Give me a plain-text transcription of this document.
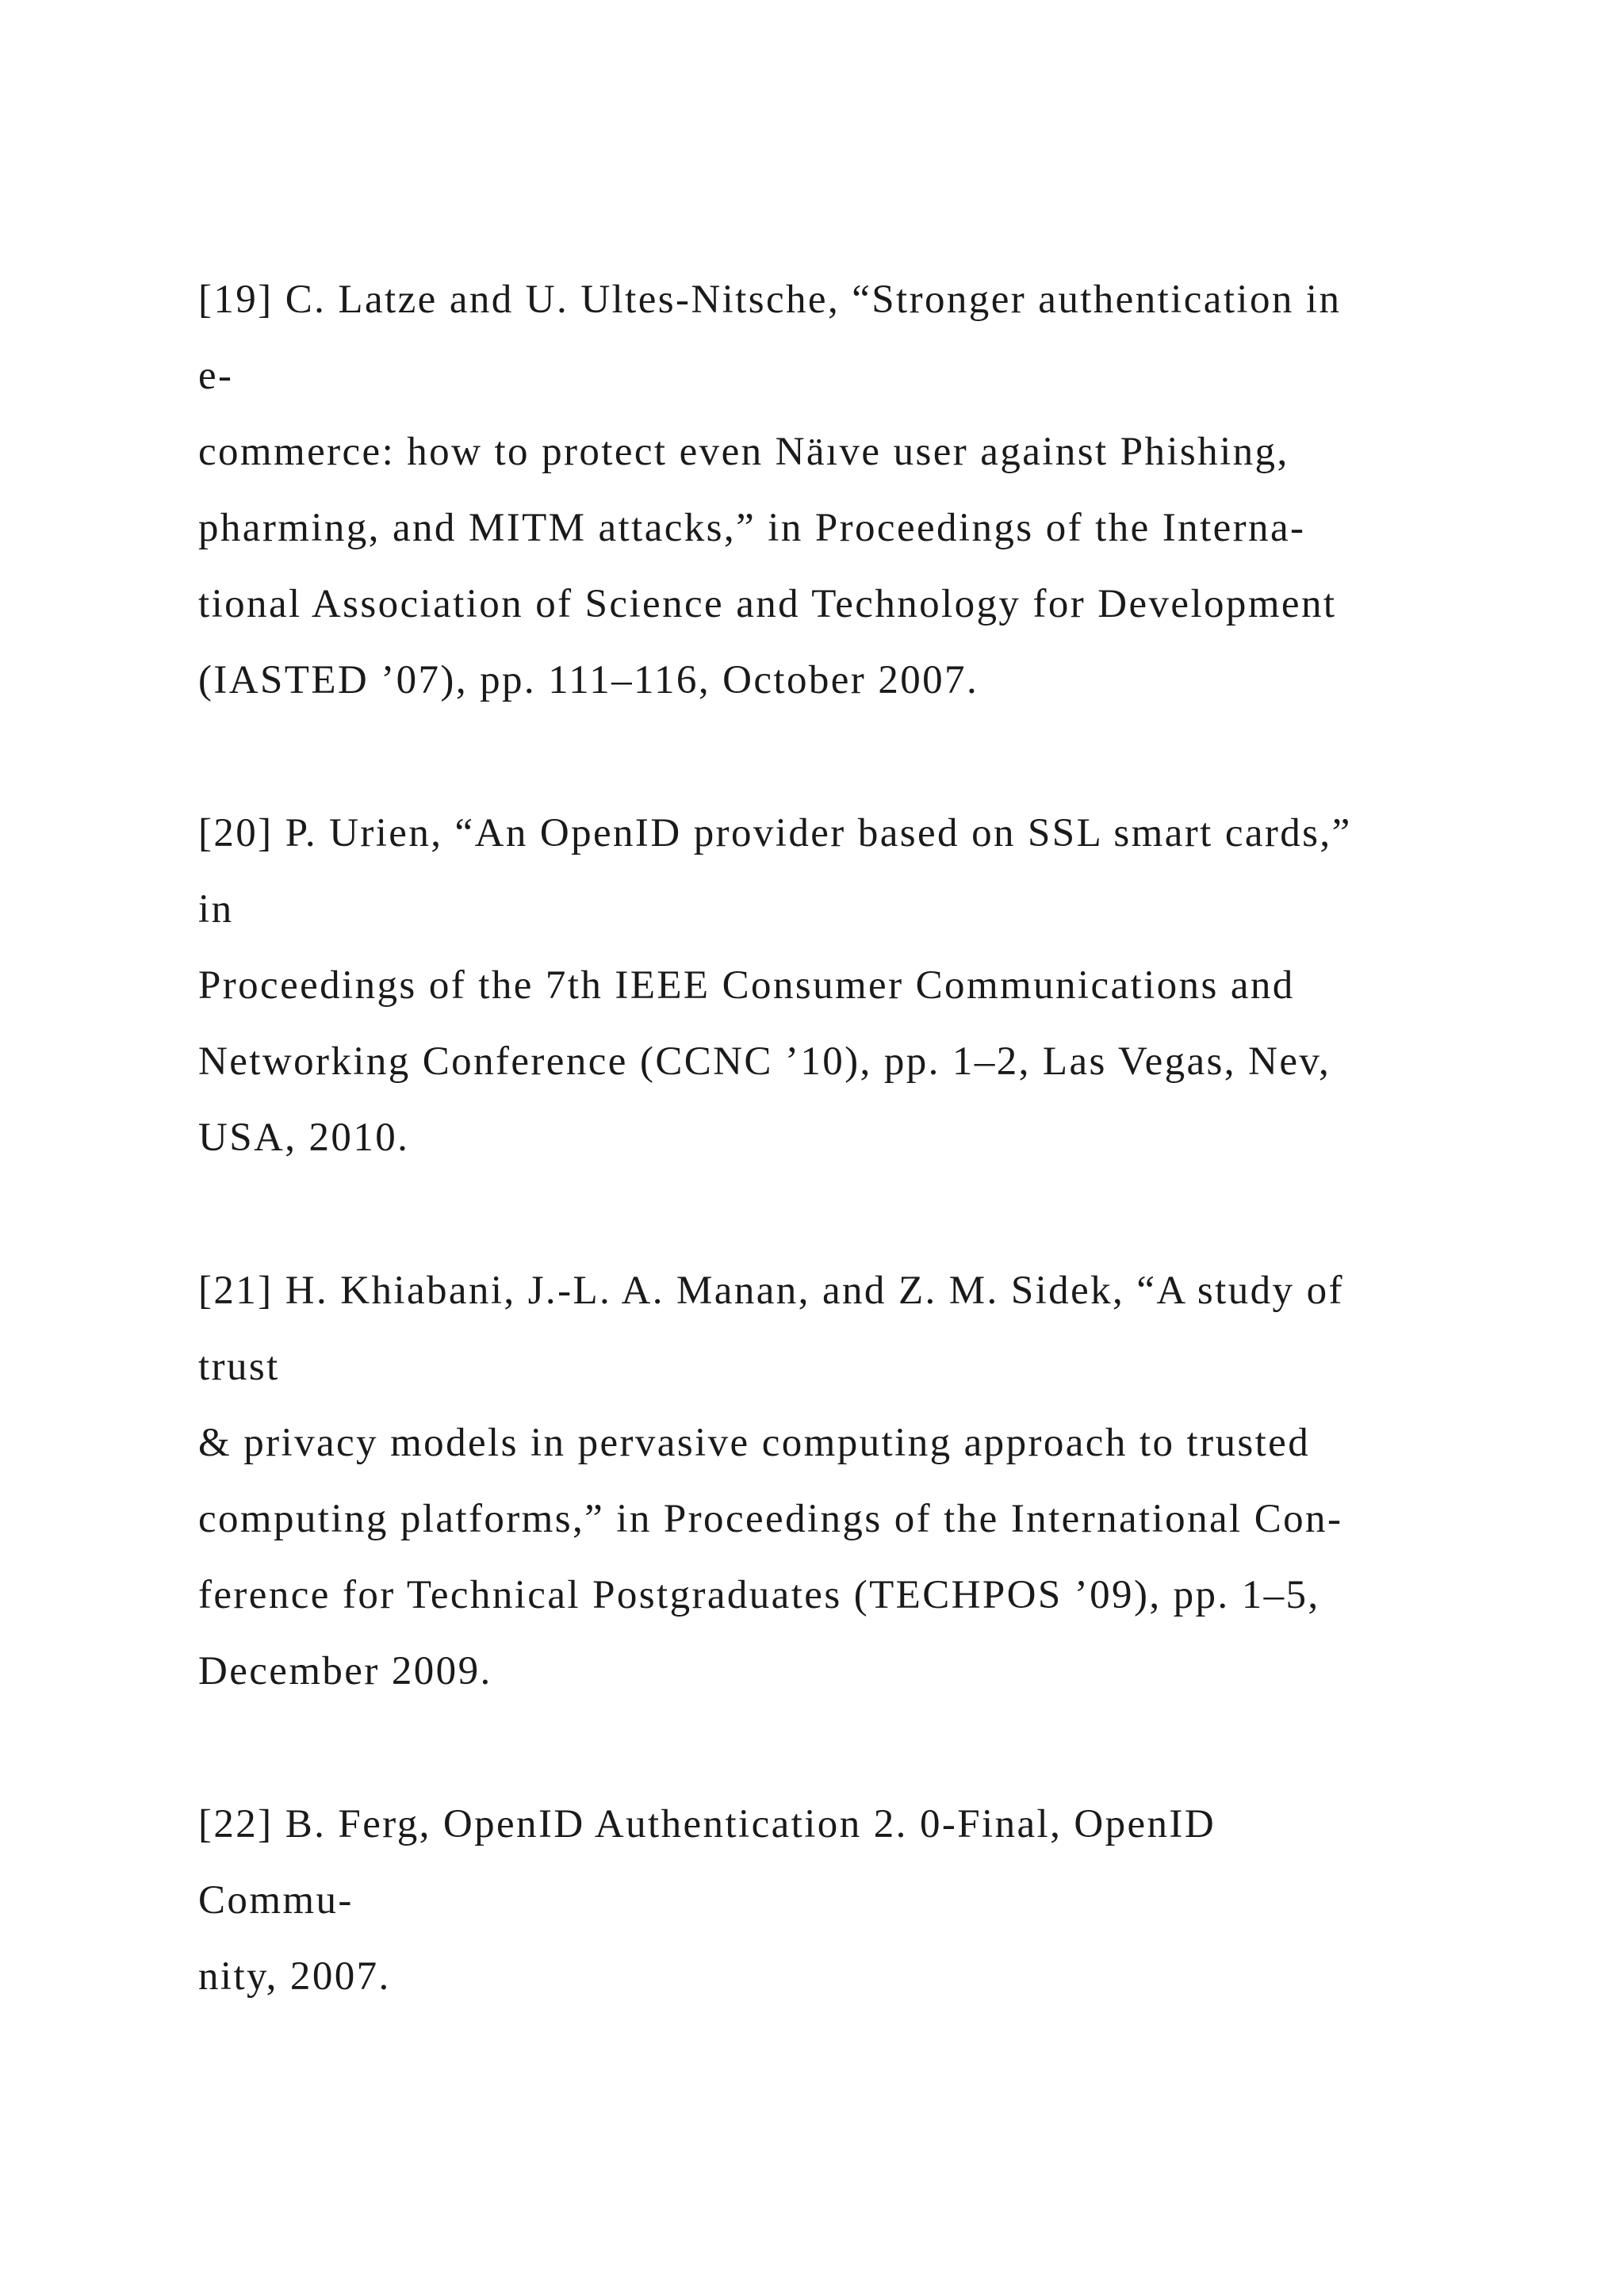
[19] C. Latze and U. Ultes-Nitsche, “Stronger authentication in
e-
commerce: how to protect even Näıve user against Phishing,
pharming, and MITM attacks,” in Proceedings of the Interna-
tional Association of Science and Technology for Development
(IASTED ’07), pp. 111–116, October 2007.
[20] P. Urien, “An OpenID provider based on SSL smart cards,”
in
Proceedings of the 7th IEEE Consumer Communications and
Networking Conference (CCNC ’10), pp. 1–2, Las Vegas, Nev,
USA, 2010.
[21] H. Khiabani, J.-L. A. Manan, and Z. M. Sidek, “A study of
trust
& privacy models in pervasive computing approach to trusted
computing platforms,” in Proceedings of the International Con-
ference for Technical Postgraduates (TECHPOS ’09), pp. 1–5,
December 2009.
[22] B. Ferg, OpenID Authentication 2. 0-Final, OpenID
Commu-
nity, 2007.
